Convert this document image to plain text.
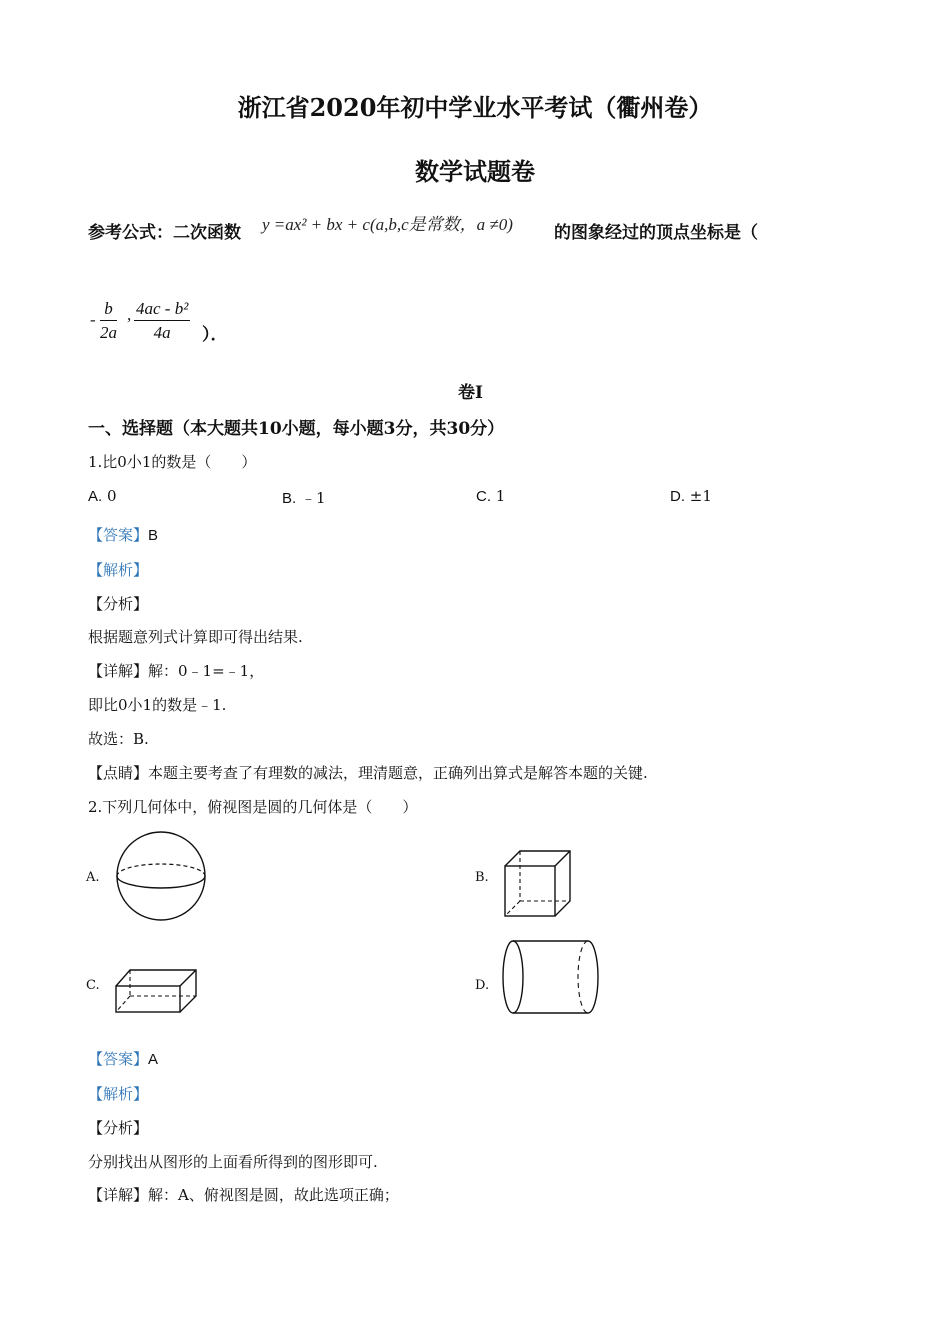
浙江省2020年初中学业水平考试（衢州卷）
数学试题卷
参考公式：二次函数 y =ax² + bx + c(a,b,c是常数，a ≠0) 的图象经过的顶点坐标是（
- $\frac{b}{2a}$ , $\frac{\text{4ac - b²}}{4a}$ ）．
卷I
一、选择题（本大题共10小题，每小题3分，共30分）
1.比0小1的数是（　　）
A. 0	B. ﹣1	C. 1	D. ±1
【答案】B
【解析】
【分析】
根据题意列式计算即可得出结果.
【详解】解：0﹣1=﹣1，
即比0小1的数是﹣1.
故选：B.
【点睛】本题主要考查了有理数的减法，理清题意，正确列出算式是解答本题的关键.
2.下列几何体中，俯视图是圆的几何体是（　　）
A.	B.
C.	D.
【答案】A
【解析】
【分析】
分别找出从图形的上面看所得到的图形即可.
【详解】解：A、俯视图是圆，故此选项正确；
